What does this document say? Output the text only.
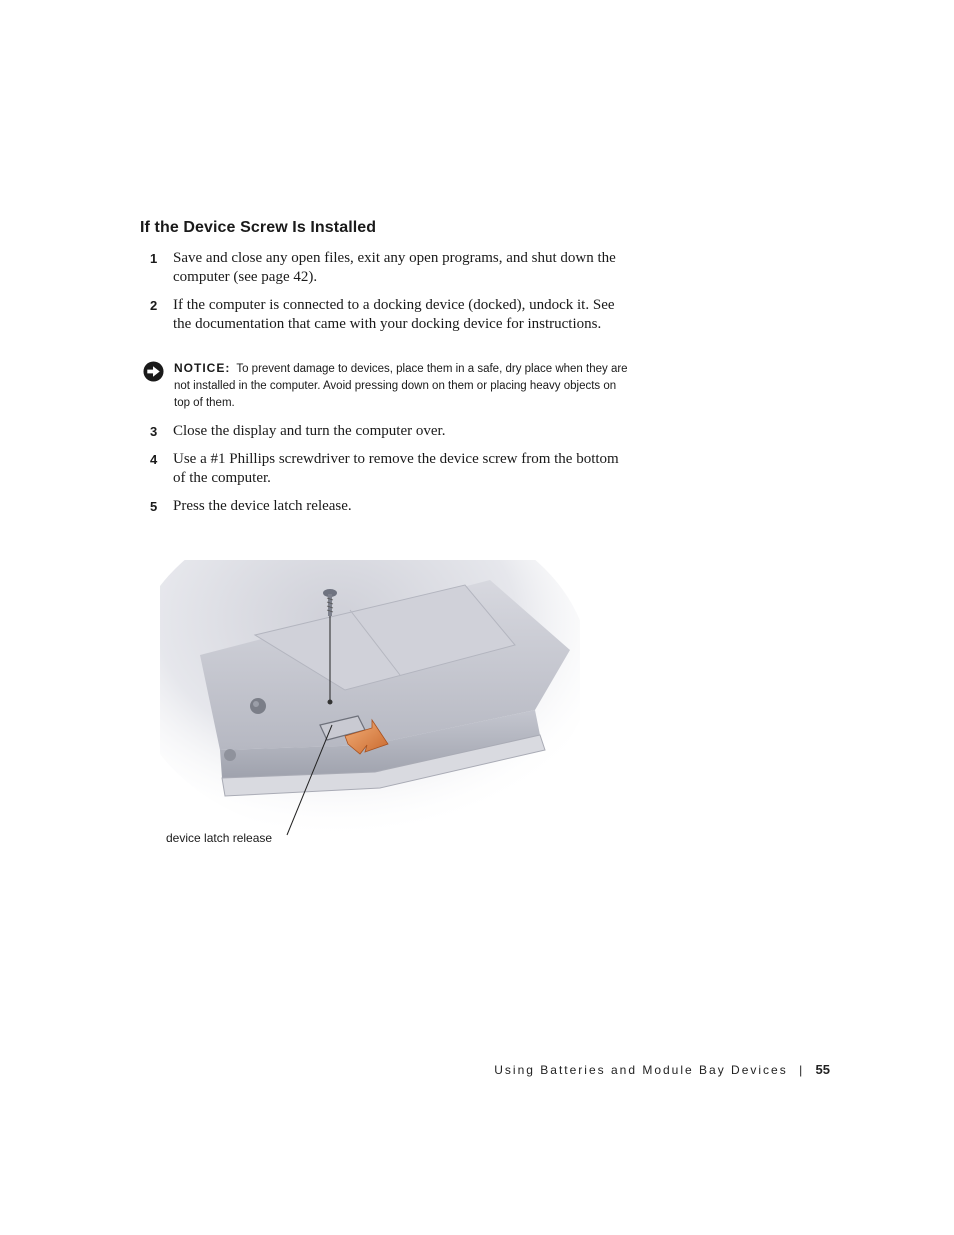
If the Device Screw Is Installed
1 Save and close any open files, exit any open programs, and shut down the computer (see page 42).
2 If the computer is connected to a docking device (docked), undock it. See the documentation that came with your docking device for instructions.
NOTICE: To prevent damage to devices, place them in a safe, dry place when they are not installed in the computer. Avoid pressing down on them or placing heavy objects on top of them.
3 Close the display and turn the computer over.
4 Use a #1 Phillips screwdriver to remove the device screw from the bottom of the computer.
5 Press the device latch release.
device latch release
Using Batteries and Module Bay Devices | 55
